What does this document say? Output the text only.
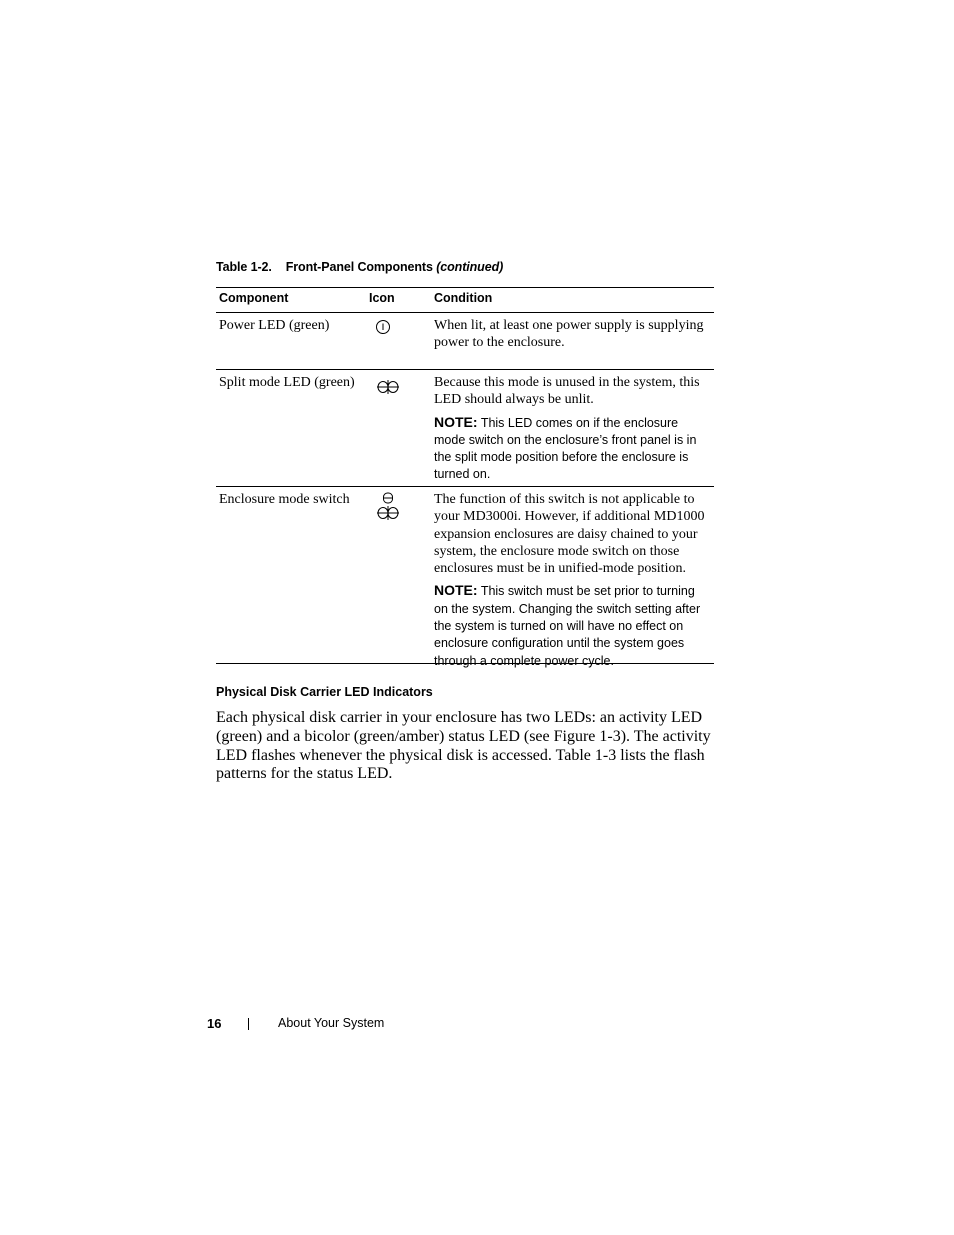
Table 1-2. Front-Panel Components (continued)
Component	Icon	Condition
Power LED (green)	When lit, at least one power supply is supplying power to the enclosure.
Split mode LED (green)	Because this mode is unused in the system, this LED should always be unlit.
NOTE: This LED comes on if the enclosure mode switch on the enclosure’s front panel is in the split mode position before the enclosure is turned on.
Enclosure mode switch	The function of this switch is not applicable to your MD3000i. However, if additional MD1000 expansion enclosures are daisy chained to your system, the enclosure mode switch on those enclosures must be in unified-mode position.
NOTE: This switch must be set prior to turning on the system. Changing the switch setting after the system is turned on will have no effect on enclosure configuration until the system goes through a complete power cycle.
Physical Disk Carrier LED Indicators
Each physical disk carrier in your enclosure has two LEDs: an activity LED (green) and a bicolor (green/amber) status LED (see Figure 1-3). The activity LED flashes whenever the physical disk is accessed. Table 1-3 lists the flash patterns for the status LED.
16	About Your System
